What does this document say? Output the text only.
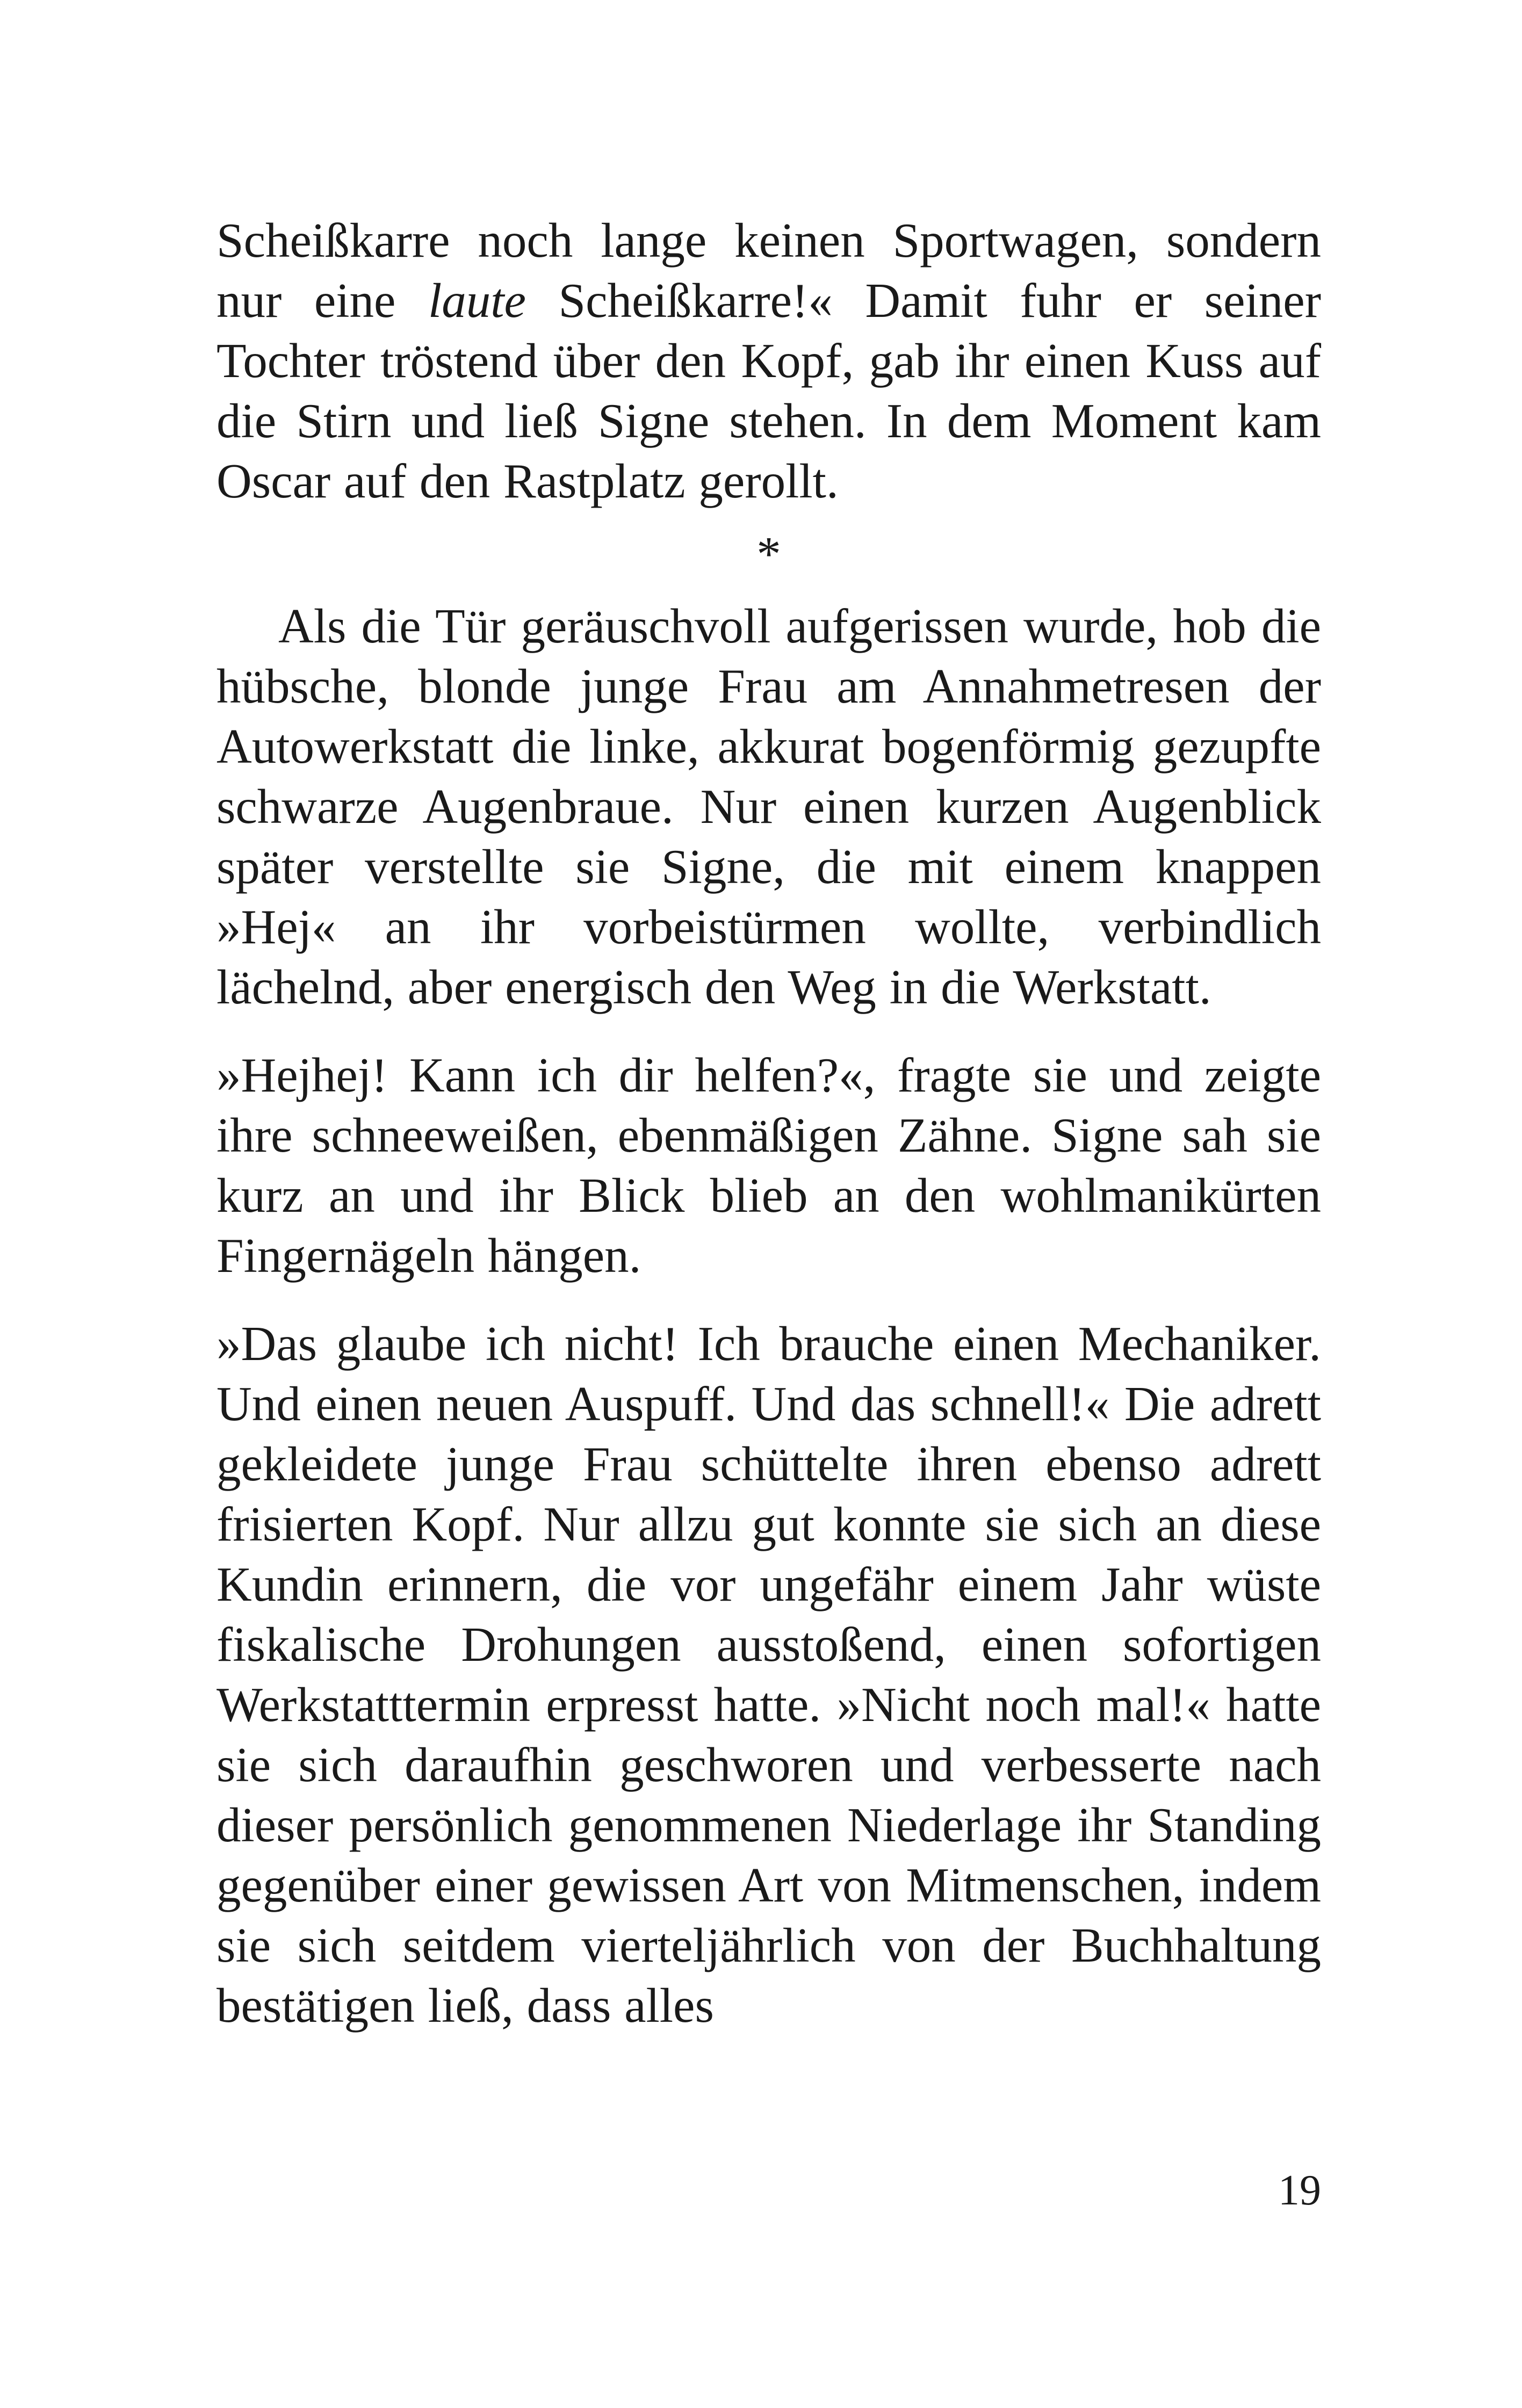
Scheißkarre noch lange keinen Sportwagen, sondern nur eine laute Scheißkarre!« Damit fuhr er seiner Tochter tröstend über den Kopf, gab ihr einen Kuss auf die Stirn und ließ Signe stehen. In dem Moment kam Oscar auf den Rastplatz gerollt.

*

Als die Tür geräuschvoll aufgerissen wurde, hob die hübsche, blonde junge Frau am Annahmetresen der Autowerkstatt die linke, akkurat bogenförmig gezupfte schwarze Augenbraue. Nur einen kurzen Augenblick später verstellte sie Signe, die mit einem knappen »Hej« an ihr vorbeistürmen wollte, verbindlich lächelnd, aber energisch den Weg in die Werkstatt.

»Hejhej! Kann ich dir helfen?«, fragte sie und zeigte ihre schneeweißen, ebenmäßigen Zähne. Signe sah sie kurz an und ihr Blick blieb an den wohlmanikürten Fingernägeln hängen.

»Das glaube ich nicht! Ich brauche einen Mechaniker. Und einen neuen Auspuff. Und das schnell!« Die adrett gekleidete junge Frau schüttelte ihren ebenso adrett frisierten Kopf. Nur allzu gut konnte sie sich an diese Kundin erinnern, die vor ungefähr einem Jahr wüste fiskalische Drohungen ausstoßend, einen sofortigen Werkstatttermin erpresst hatte. »Nicht noch mal!« hatte sie sich daraufhin geschworen und verbesserte nach dieser persönlich genommenen Niederlage ihr Standing gegenüber einer gewissen Art von Mitmenschen, indem sie sich seitdem vierteljährlich von der Buchhaltung bestätigen ließ, dass alles

19
